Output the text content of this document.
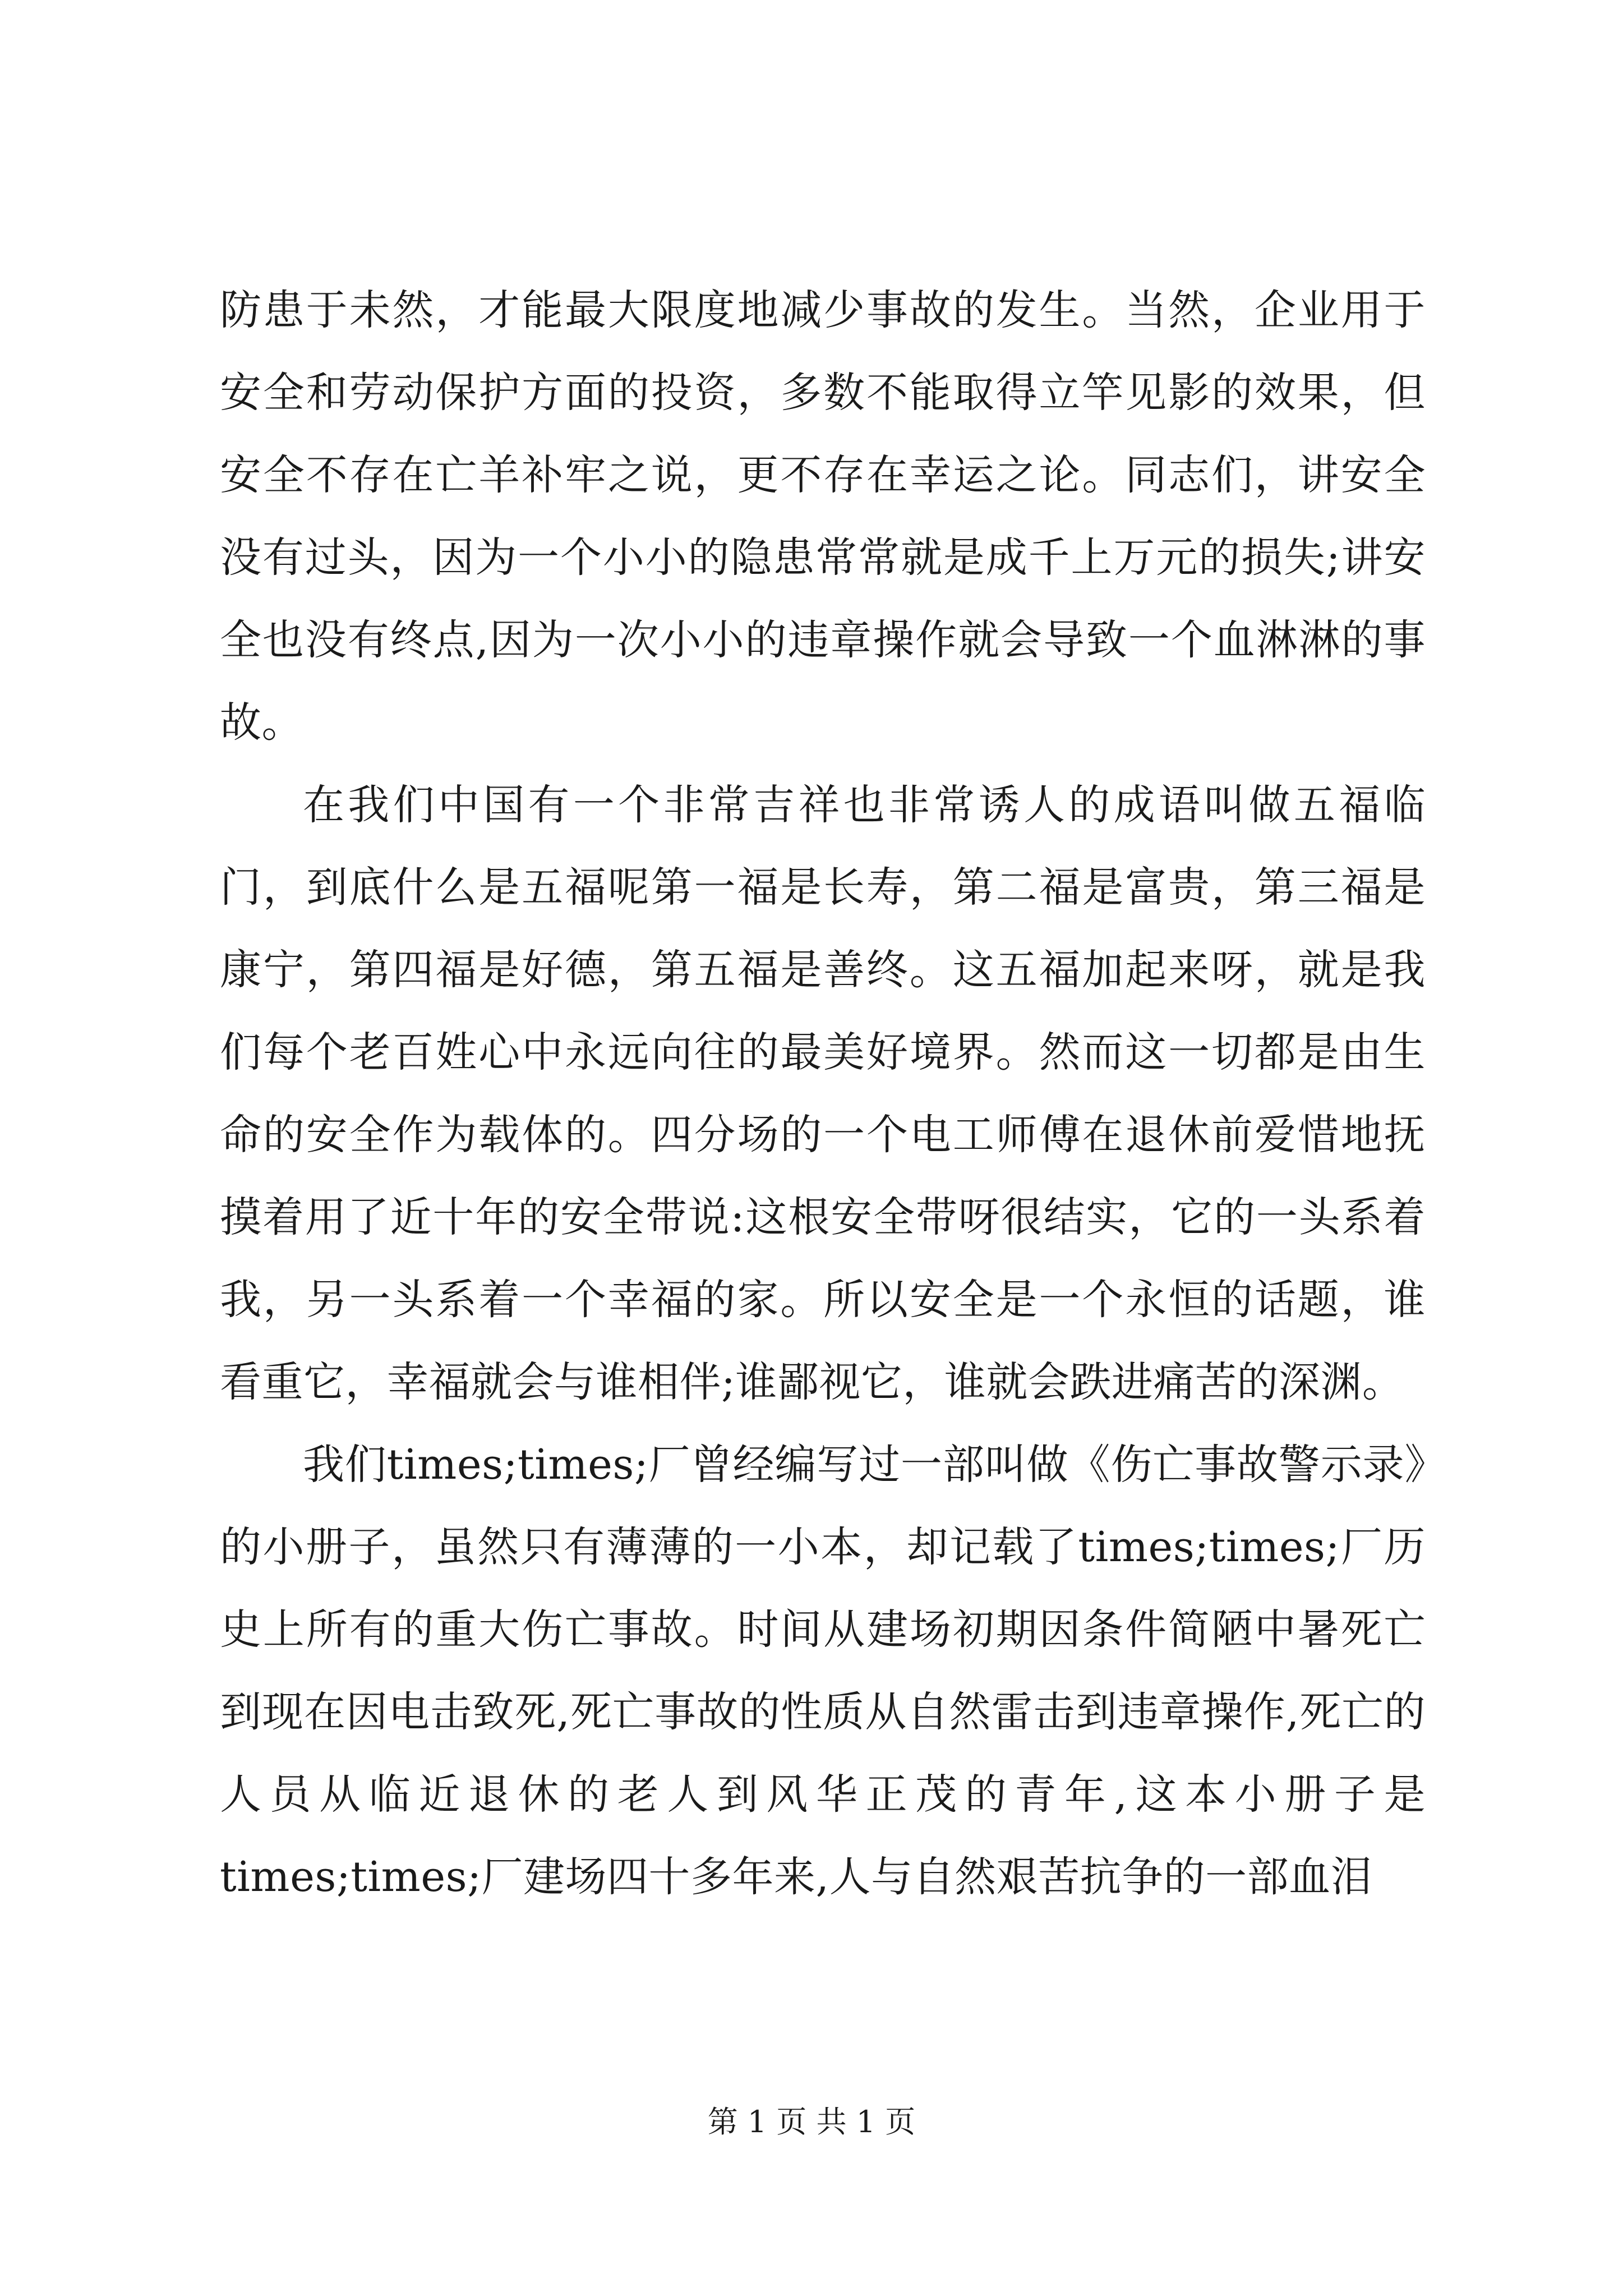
防患于未然，才能最大限度地减少事故的发生。当然，企业用于安全和劳动保护方面的投资，多数不能取得立竿见影的效果，但安全不存在亡羊补牢之说，更不存在幸运之论。同志们，讲安全没有过头，因为一个小小的隐患常常就是成千上万元的损失;讲安全也没有终点,因为一次小小的违章操作就会导致一个血淋淋的事故。

在我们中国有一个非常吉祥也非常诱人的成语叫做五福临门，到底什么是五福呢第一福是长寿，第二福是富贵，第三福是康宁，第四福是好德，第五福是善终。这五福加起来呀，就是我们每个老百姓心中永远向往的最美好境界。然而这一切都是由生命的安全作为载体的。四分场的一个电工师傅在退休前爱惜地抚摸着用了近十年的安全带说:这根安全带呀很结实，它的一头系着我，另一头系着一个幸福的家。所以安全是一个永恒的话题，谁看重它，幸福就会与谁相伴;谁鄙视它，谁就会跌进痛苦的深渊。

我们times;times;厂曾经编写过一部叫做《伤亡事故警示录》的小册子，虽然只有薄薄的一小本，却记载了times;times;厂历史上所有的重大伤亡事故。时间从建场初期因条件简陋中暑死亡到现在因电击致死,死亡事故的性质从自然雷击到违章操作,死亡的人员从临近退休的老人到风华正茂的青年,这本小册子是times;times;厂建场四十多年来,人与自然艰苦抗争的一部血泪

第 1 页 共 1 页
